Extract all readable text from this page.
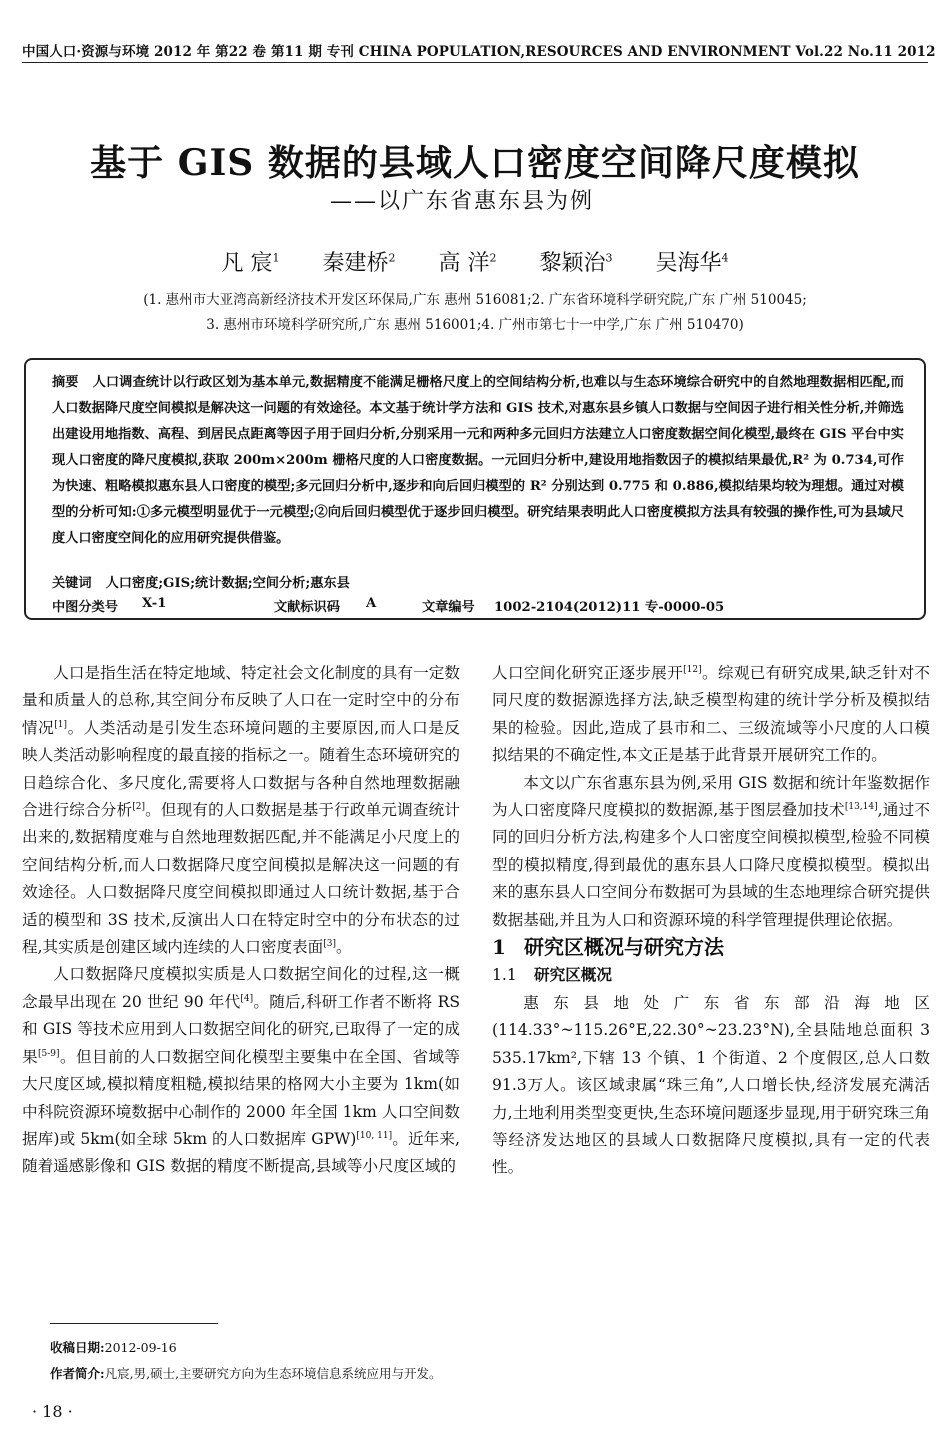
中国人口·资源与环境 2012 年 第22 卷 第11 期 专刊 CHINA POPULATION,RESOURCES AND ENVIRONMENT Vol.22 No.11 2012
基于 GIS 数据的县域人口密度空间降尺度模拟
——以广东省惠东县为例
凡 宸$^1$ 秦建桥$^2$ 高 洋$^2$ 黎颖治$^3$ 吴海华$^4$
(1. 惠州市大亚湾高新经济技术开发区环保局,广东 惠州 516081;2. 广东省环境科学研究院,广东 广州 510045;
3. 惠州市环境科学研究所,广东 惠州 516001;4. 广州市第七十一中学,广东 广州 510470)
摘要 人口调查统计以行政区划为基本单元,数据精度不能满足栅格尺度上的空间结构分析,也难以与生态环境综合研究中的自然地理数据相匹配,而人口数据降尺度空间模拟是解决这一问题的有效途径。本文基于统计学方法和 GIS 技术,对惠东县乡镇人口数据与空间因子进行相关性分析,并筛选出建设用地指数、高程、到居民点距离等因子用于回归分析,分别采用一元和两种多元回归方法建立人口密度数据空间化模型,最终在 GIS 平台中实现人口密度的降尺度模拟,获取 200m×200m 栅格尺度的人口密度数据。一元回归分析中,建设用地指数因子的模拟结果最优,R² 为 0.734,可作为快速、粗略模拟惠东县人口密度的模型;多元回归分析中,逐步和向后回归模型的 R² 分别达到 0.775 和 0.886,模拟结果均较为理想。通过对模型的分析可知:①多元模型明显优于一元模型;②向后回归模型优于逐步回归模型。研究结果表明此人口密度模拟方法具有较强的操作性,可为县域尺度人口密度空间化的应用研究提供借鉴。
关键词 人口密度;GIS;统计数据;空间分析;惠东县
中图分类号 X-1	文献标识码 A	文章编号 1002-2104(2012)11 专-0000-05

人口是指生活在特定地域、特定社会文化制度的具有一定数量和质量人的总称,其空间分布反映了人口在一定时空中的分布情况[1]。人类活动是引发生态环境问题的主要原因,而人口是反映人类活动影响程度的最直接的指标之一。随着生态环境研究的日趋综合化、多尺度化,需要将人口数据与各种自然地理数据融合进行综合分析[2]。但现有的人口数据是基于行政单元调查统计出来的,数据精度难与自然地理数据匹配,并不能满足小尺度上的空间结构分析,而人口数据降尺度空间模拟是解决这一问题的有效途径。人口数据降尺度空间模拟即通过人口统计数据,基于合适的模型和 3S 技术,反演出人口在特定时空中的分布状态的过程,其实质是创建区域内连续的人口密度表面[3]。

人口数据降尺度模拟实质是人口数据空间化的过程,这一概念最早出现在 20 世纪 90 年代[4]。随后,科研工作者不断将 RS 和 GIS 等技术应用到人口数据空间化的研究,已取得了一定的成果[5-9]。但目前的人口数据空间化模型主要集中在全国、省域等大尺度区域,模拟精度粗糙,模拟结果的格网大小主要为 1km(如中科院资源环境数据中心制作的 2000 年全国 1km 人口空间数据库)或 5km(如全球 5km 的人口数据库 GPW)[10, 11]。近年来,随着遥感影像和 GIS 数据的精度不断提高,县域等小尺度区域的

人口空间化研究正逐步展开[12]。综观已有研究成果,缺乏针对不同尺度的数据源选择方法,缺乏模型构建的统计学分析及模拟结果的检验。因此,造成了县市和二、三级流域等小尺度的人口模拟结果的不确定性,本文正是基于此背景开展研究工作的。

本文以广东省惠东县为例,采用 GIS 数据和统计年鉴数据作为人口密度降尺度模拟的数据源,基于图层叠加技术[13,14],通过不同的回归分析方法,构建多个人口密度空间模拟模型,检验不同模型的模拟精度,得到最优的惠东县人口降尺度模拟模型。模拟出来的惠东县人口空间分布数据可为县域的生态地理综合研究提供数据基础,并且为人口和资源环境的科学管理提供理论依据。

1 研究区概况与研究方法

1.1 研究区概况

惠东县地处广东省东部沿海地区(114.33°~115.26°E,22.30°~23.23°N),全县陆地总面积 3 535.17km²,下辖 13 个镇、1 个街道、2 个度假区,总人口数91.3万人。该区域隶属“珠三角”,人口增长快,经济发展充满活力,土地利用类型变更快,生态环境问题逐步显现,用于研究珠三角等经济发达地区的县域人口数据降尺度模拟,具有一定的代表性。

收稿日期:2012-09-16
作者简介:凡宸,男,硕士,主要研究方向为生态环境信息系统应用与开发。
· 18 ·
